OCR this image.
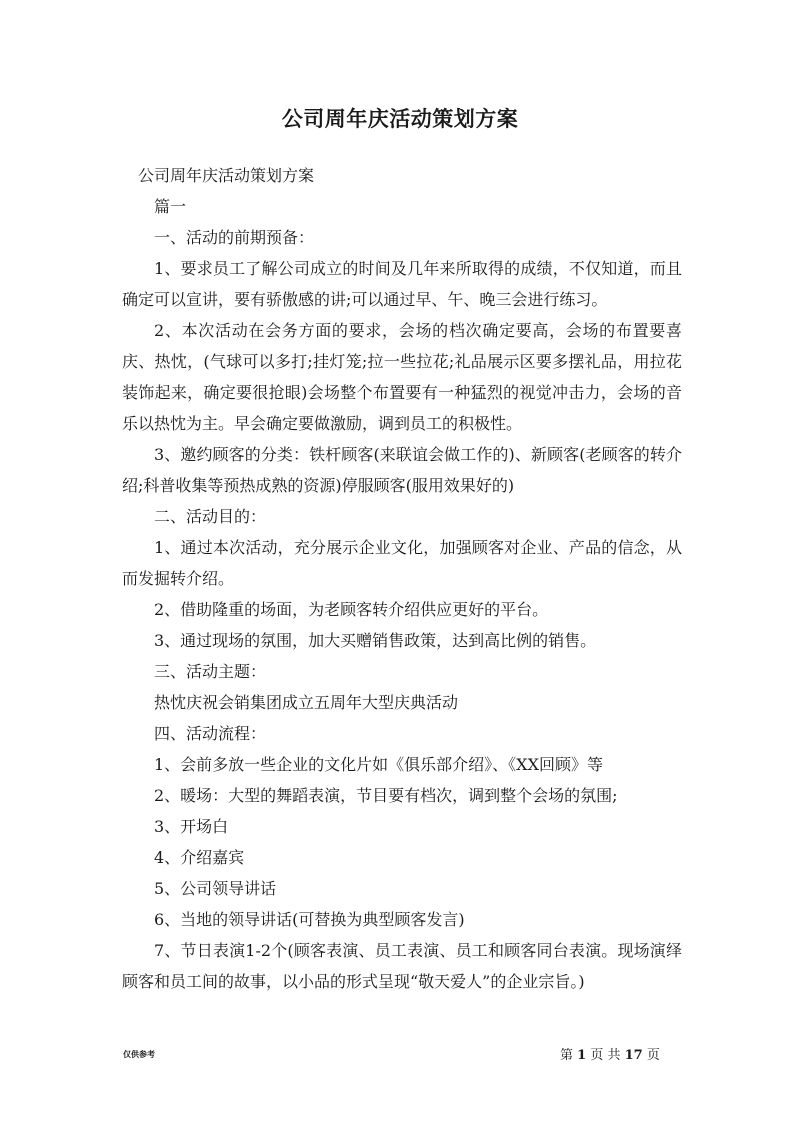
公司周年庆活动策划方案

公司周年庆活动策划方案

篇一

一、活动的前期预备：

1、要求员工了解公司成立的时间及几年来所取得的成绩，不仅知道，而且确定可以宣讲，要有骄傲感的讲;可以通过早、午、晚三会进行练习。

2、本次活动在会务方面的要求，会场的档次确定要高，会场的布置要喜庆、热忱，(气球可以多打;挂灯笼;拉一些拉花;礼品展示区要多摆礼品，用拉花装饰起来，确定要很抢眼)会场整个布置要有一种猛烈的视觉冲击力，会场的音乐以热忱为主。早会确定要做激励，调到员工的积极性。

3、邀约顾客的分类：铁杆顾客(来联谊会做工作的)、新顾客(老顾客的转介绍;科普收集等预热成熟的资源)停服顾客(服用效果好的)

二、活动目的：

1、通过本次活动，充分展示企业文化，加强顾客对企业、产品的信念，从而发掘转介绍。

2、借助隆重的场面，为老顾客转介绍供应更好的平台。

3、通过现场的氛围，加大买赠销售政策，达到高比例的销售。

三、活动主题：

热忱庆祝会销集团成立五周年大型庆典活动

四、活动流程：

1、会前多放一些企业的文化片如《俱乐部介绍》、《XX回顾》等

2、暖场：大型的舞蹈表演，节目要有档次，调到整个会场的氛围;

3、开场白

4、介绍嘉宾

5、公司领导讲话

6、当地的领导讲话(可替换为典型顾客发言)

7、节日表演1-2个(顾客表演、员工表演、员工和顾客同台表演。现场演绎顾客和员工间的故事，以小品的形式呈现“敬天爱人”的企业宗旨。)

仅供参考	第 1 页 共 17 页
